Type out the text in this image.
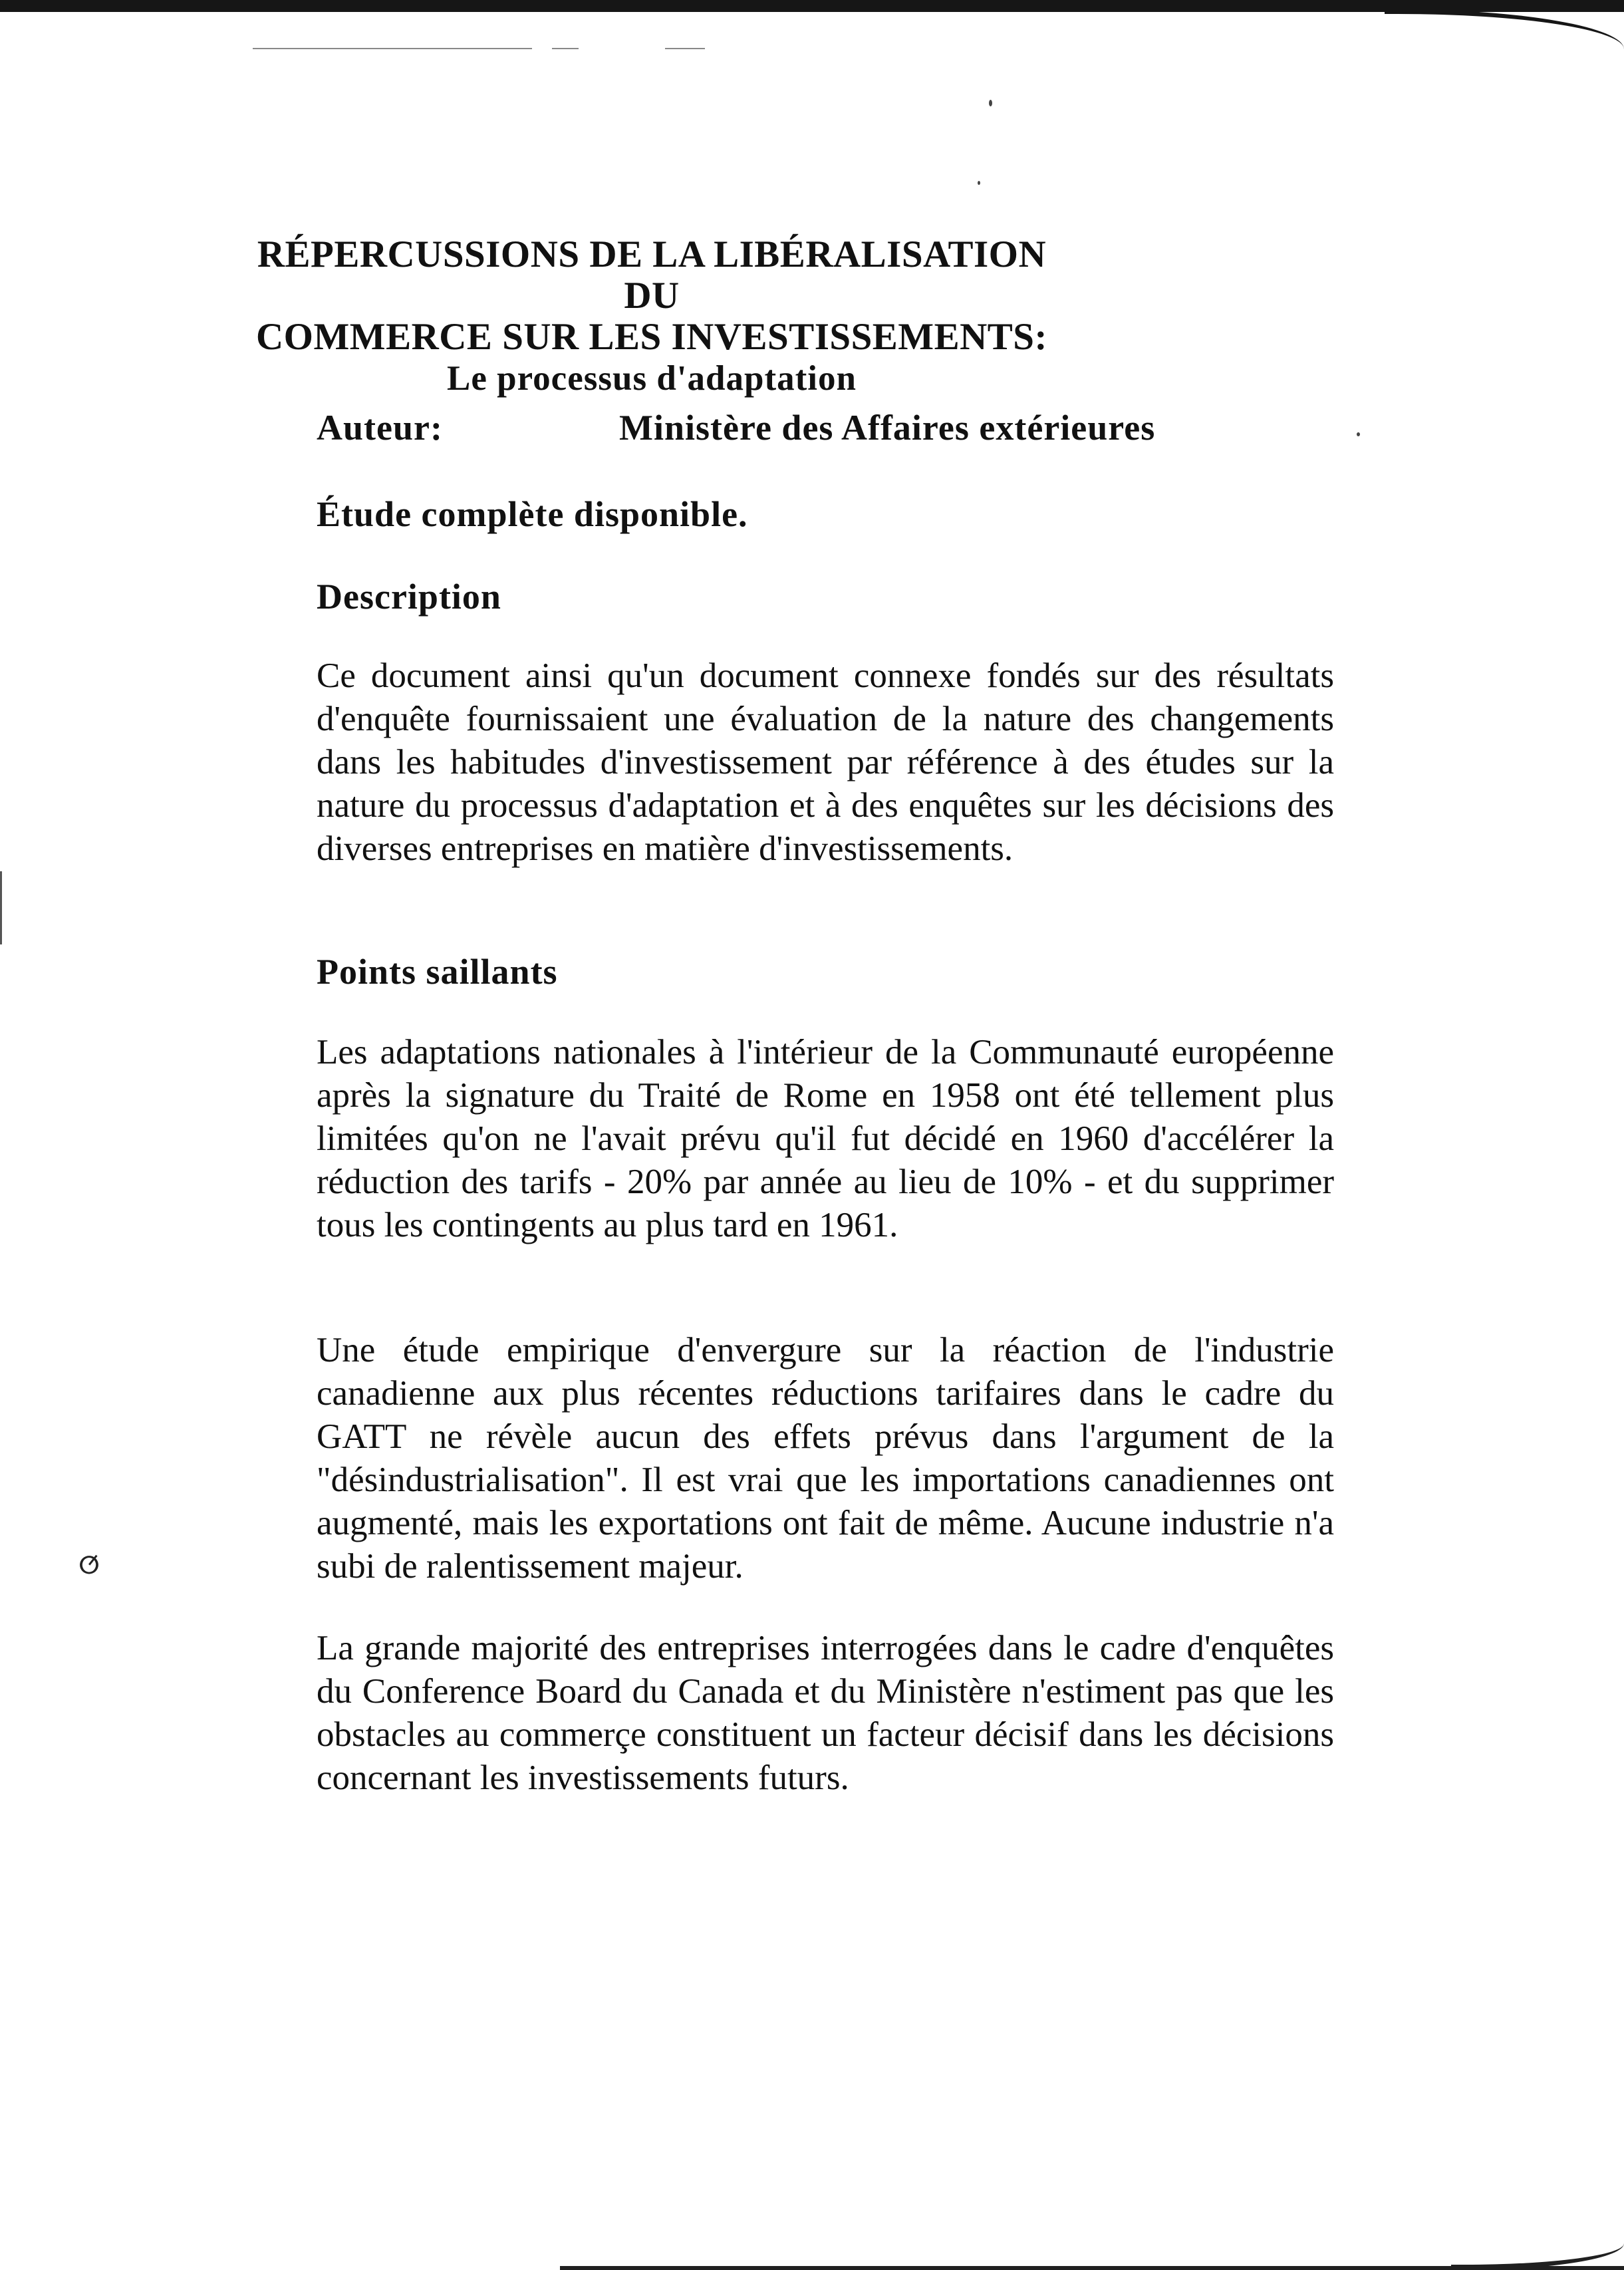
ⵚ
RÉPERCUSSIONS DE LA LIBÉRALISATION DU
COMMERCE SUR LES INVESTISSEMENTS:
Le processus d'adaptation
Auteur:	Ministère des Affaires extérieures
Étude complète disponible.
Description

Ce document ainsi qu'un document connexe fondés sur des résultats d'enquête fournissaient une évaluation de la nature des changements dans les habitudes d'investissement par référence à des études sur la nature du processus d'adaptation et à des enquêtes sur les décisions des diverses entreprises en matière d'investissements.

Points saillants

Les adaptations nationales à l'intérieur de la Communauté européenne après la signature du Traité de Rome en 1958 ont été tellement plus limitées qu'on ne l'avait prévu qu'il fut décidé en 1960 d'accélérer la réduction des tarifs - 20% par année au lieu de 10% - et du supprimer tous les contingents au plus tard en 1961.

Une étude empirique d'envergure sur la réaction de l'industrie canadienne aux plus récentes réductions tarifaires dans le cadre du GATT ne révèle aucun des effets prévus dans l'argument de la "désindustrialisation". Il est vrai que les importations canadiennes ont augmenté, mais les exportations ont fait de même. Aucune industrie n'a subi de ralentissement majeur.

La grande majorité des entreprises interrogées dans le cadre d'enquêtes du Conference Board du Canada et du Ministère n'estiment pas que les obstacles au commerçe constituent un facteur décisif dans les décisions concernant les investissements futurs.
